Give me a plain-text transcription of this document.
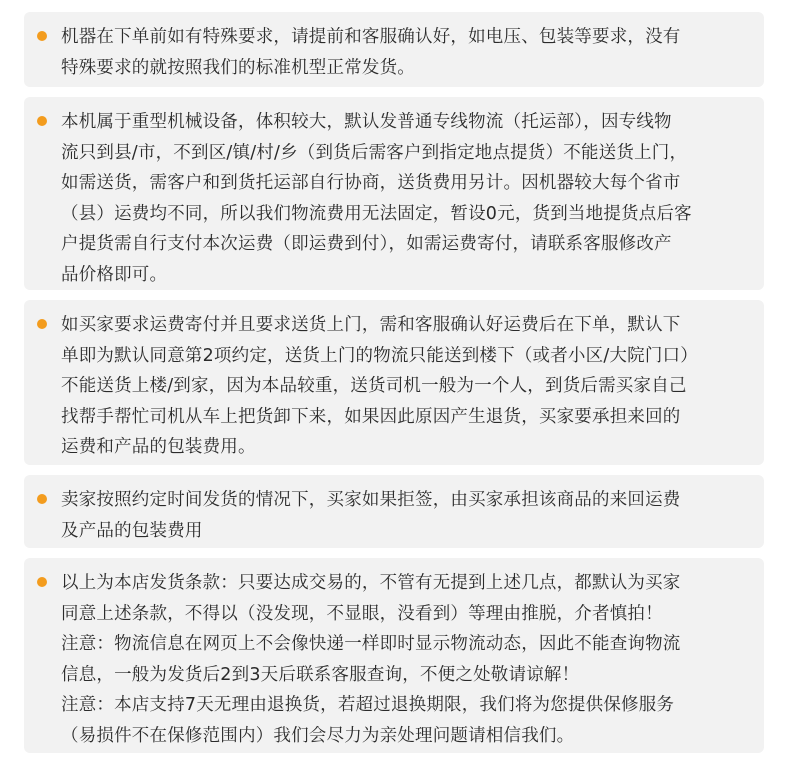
机器在下单前如有特殊要求，请提前和客服确认好，如电压、包装等要求，没有
特殊要求的就按照我们的标准机型正常发货。
本机属于重型机械设备，体积较大，默认发普通专线物流（托运部），因专线物
流只到县/市，不到区/镇/村/乡（到货后需客户到指定地点提货）不能送货上门，
如需送货，需客户和到货托运部自行协商，送货费用另计。因机器较大每个省市
（县）运费均不同，所以我们物流费用无法固定，暂设0元，货到当地提货点后客
户提货需自行支付本次运费（即运费到付），如需运费寄付，请联系客服修改产
品价格即可。
如买家要求运费寄付并且要求送货上门，需和客服确认好运费后在下单，默认下
单即为默认同意第2项约定，送货上门的物流只能送到楼下（或者小区/大院门口）
不能送货上楼/到家，因为本品较重，送货司机一般为一个人，到货后需买家自己
找帮手帮忙司机从车上把货卸下来，如果因此原因产生退货，买家要承担来回的
运费和产品的包装费用。
卖家按照约定时间发货的情况下，买家如果拒签，由买家承担该商品的来回运费
及产品的包装费用
以上为本店发货条款：只要达成交易的，不管有无提到上述几点，都默认为买家
同意上述条款，不得以（没发现，不显眼，没看到）等理由推脱，介者慎拍！
注意：物流信息在网页上不会像快递一样即时显示物流动态，因此不能查询物流
信息，一般为发货后2到3天后联系客服查询，不便之处敬请谅解！
注意：本店支持7天无理由退换货，若超过退换期限，我们将为您提供保修服务
（易损件不在保修范围内）我们会尽力为亲处理问题请相信我们。
